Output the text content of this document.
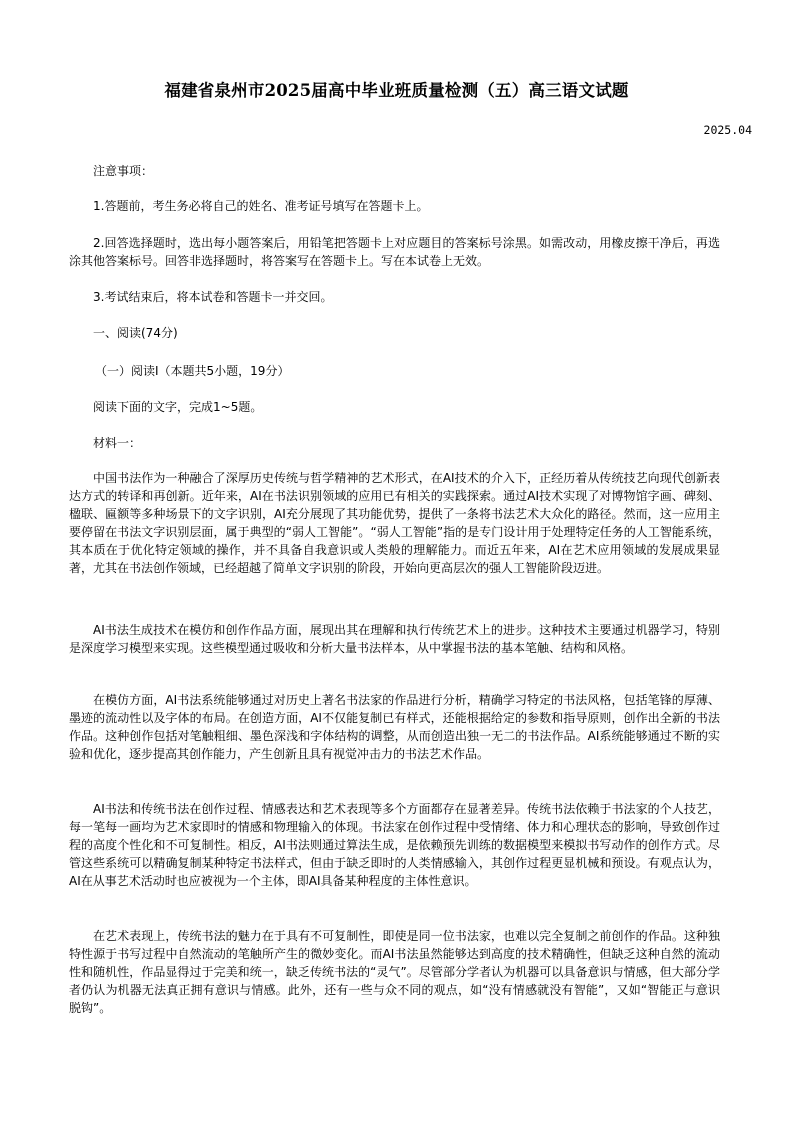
福建省泉州市2025届高中毕业班质量检测（五）高三语文试题
2025.04
注意事项：
1.答题前，考生务必将自己的姓名、准考证号填写在答题卡上。
2.回答选择题时，选出每小题答案后，用铅笔把答题卡上对应题目的答案标号涂黑。如需改动，用橡皮擦干净后，再选涂其他答案标号。回答非选择题时，将答案写在答题卡上。写在本试卷上无效。
3.考试结束后，将本试卷和答题卡一并交回。
一、阅读(74分)
（一）阅读Ⅰ（本题共5小题，19分）
阅读下面的文字，完成1~5题。
材料一：
中国书法作为一种融合了深厚历史传统与哲学精神的艺术形式，在AI技术的介入下，正经历着从传统技艺向现代创新表达方式的转译和再创新。近年来，AI在书法识别领域的应用已有相关的实践探索。通过AI技术实现了对博物馆字画、碑刻、楹联、匾额等多种场景下的文字识别，AI充分展现了其功能优势，提供了一条将书法艺术大众化的路径。然而，这一应用主要停留在书法文字识别层面，属于典型的“弱人工智能”。“弱人工智能”指的是专门设计用于处理特定任务的人工智能系统，其本质在于优化特定领域的操作，并不具备自我意识或人类般的理解能力。而近五年来，AI在艺术应用领域的发展成果显著，尤其在书法创作领域，已经超越了简单文字识别的阶段，开始向更高层次的强人工智能阶段迈进。
AI书法生成技术在模仿和创作作品方面，展现出其在理解和执行传统艺术上的进步。这种技术主要通过机器学习，特别是深度学习模型来实现。这些模型通过吸收和分析大量书法样本，从中掌握书法的基本笔触、结构和风格。
在模仿方面，AI书法系统能够通过对历史上著名书法家的作品进行分析，精确学习特定的书法风格，包括笔锋的厚薄、墨迹的流动性以及字体的布局。在创造方面，AI不仅能复制已有样式，还能根据给定的参数和指导原则，创作出全新的书法作品。这种创作包括对笔触粗细、墨色深浅和字体结构的调整，从而创造出独一无二的书法作品。AI系统能够通过不断的实验和优化，逐步提高其创作能力，产生创新且具有视觉冲击力的书法艺术作品。
AI书法和传统书法在创作过程、情感表达和艺术表现等多个方面都存在显著差异。传统书法依赖于书法家的个人技艺，每一笔每一画均为艺术家即时的情感和物理输入的体现。书法家在创作过程中受情绪、体力和心理状态的影响，导致创作过程的高度个性化和不可复制性。相反，AI书法则通过算法生成，是依赖预先训练的数据模型来模拟书写动作的创作方式。尽管这些系统可以精确复制某种特定书法样式，但由于缺乏即时的人类情感输入，其创作过程更显机械和预设。有观点认为，AI在从事艺术活动时也应被视为一个主体，即AI具备某种程度的主体性意识。
在艺术表现上，传统书法的魅力在于具有不可复制性，即使是同一位书法家，也难以完全复制之前创作的作品。这种独特性源于书写过程中自然流动的笔触所产生的微妙变化。而AI书法虽然能够达到高度的技术精确性，但缺乏这种自然的流动性和随机性，作品显得过于完美和统一，缺乏传统书法的“灵气”。尽管部分学者认为机器可以具备意识与情感，但大部分学者仍认为机器无法真正拥有意识与情感。此外，还有一些与众不同的观点，如“没有情感就没有智能”，又如“智能正与意识脱钩”。
